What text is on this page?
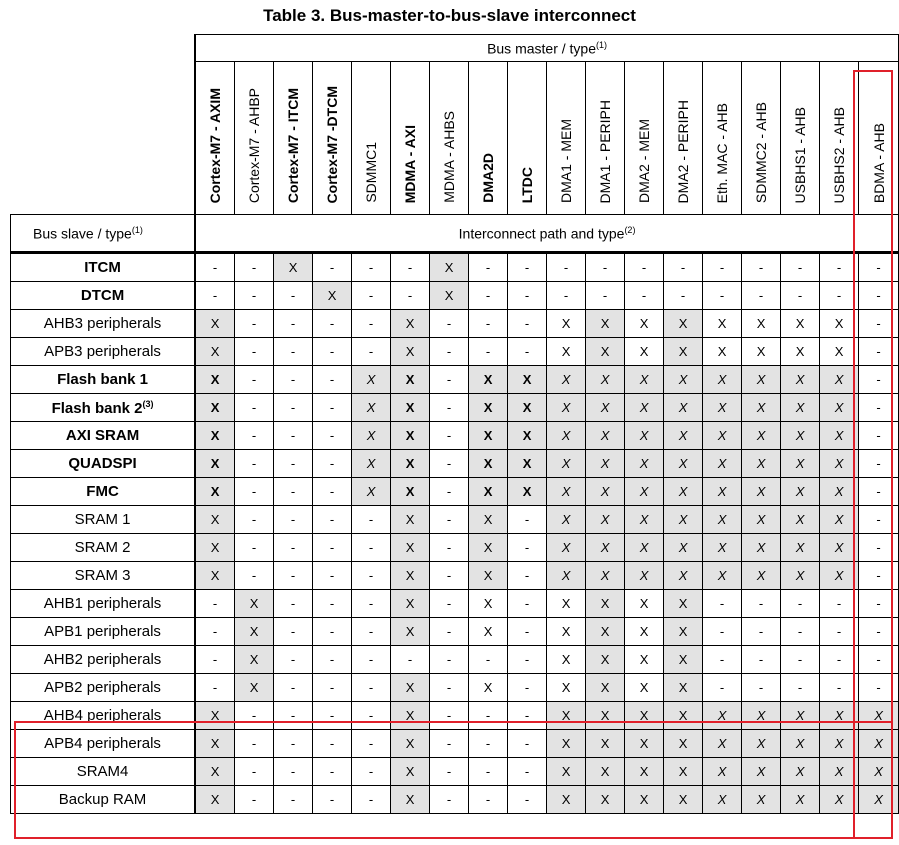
Table 3. Bus-master-to-bus-slave interconnect
	Bus master / type$^{(1)}$
	Cortex-M7 - AXIM	Cortex-M7 - AHBP	Cortex-M7 - ITCM	Cortex-M7 -DTCM	SDMMC1	MDMA - AXI	MDMA - AHBS	DMA2D	LTDC	DMA1 - MEM	DMA1 - PERIPH	DMA2 - MEM	DMA2 - PERIPH	Eth. MAC - AHB	SDMMC2 - AHB	USBHS1 - AHB	USBHS2 - AHB	BDMA - AHB
Bus slave / type$^{(1)}$	Interconnect path and type$^{(2)}$
ITCM	-	-	X	-	-	-	X	-	-	-	-	-	-	-	-	-	-	-
DTCM	-	-	-	X	-	-	X	-	-	-	-	-	-	-	-	-	-	-
AHB3 peripherals	X	-	-	-	-	X	-	-	-	X	X	X	X	X	X	X	X	-
APB3 peripherals	X	-	-	-	-	X	-	-	-	X	X	X	X	X	X	X	X	-
Flash bank 1	X	-	-	-	X	X	-	X	X	X	X	X	X	X	X	X	X	-
Flash bank 2$^{(3)}$	X	-	-	-	X	X	-	X	X	X	X	X	X	X	X	X	X	-
AXI SRAM	X	-	-	-	X	X	-	X	X	X	X	X	X	X	X	X	X	-
QUADSPI	X	-	-	-	X	X	-	X	X	X	X	X	X	X	X	X	X	-
FMC	X	-	-	-	X	X	-	X	X	X	X	X	X	X	X	X	X	-
SRAM 1	X	-	-	-	-	X	-	X	-	X	X	X	X	X	X	X	X	-
SRAM 2	X	-	-	-	-	X	-	X	-	X	X	X	X	X	X	X	X	-
SRAM 3	X	-	-	-	-	X	-	X	-	X	X	X	X	X	X	X	X	-
AHB1 peripherals	-	X	-	-	-	X	-	X	-	X	X	X	X	-	-	-	-	-
APB1 peripherals	-	X	-	-	-	X	-	X	-	X	X	X	X	-	-	-	-	-
AHB2 peripherals	-	X	-	-	-	-	-	-	-	X	X	X	X	-	-	-	-	-
APB2 peripherals	-	X	-	-	-	X	-	X	-	X	X	X	X	-	-	-	-	-
AHB4 peripherals	X	-	-	-	-	X	-	-	-	X	X	X	X	X	X	X	X	X
APB4 peripherals	X	-	-	-	-	X	-	-	-	X	X	X	X	X	X	X	X	X
SRAM4	X	-	-	-	-	X	-	-	-	X	X	X	X	X	X	X	X	X
Backup RAM	X	-	-	-	-	X	-	-	-	X	X	X	X	X	X	X	X	X
